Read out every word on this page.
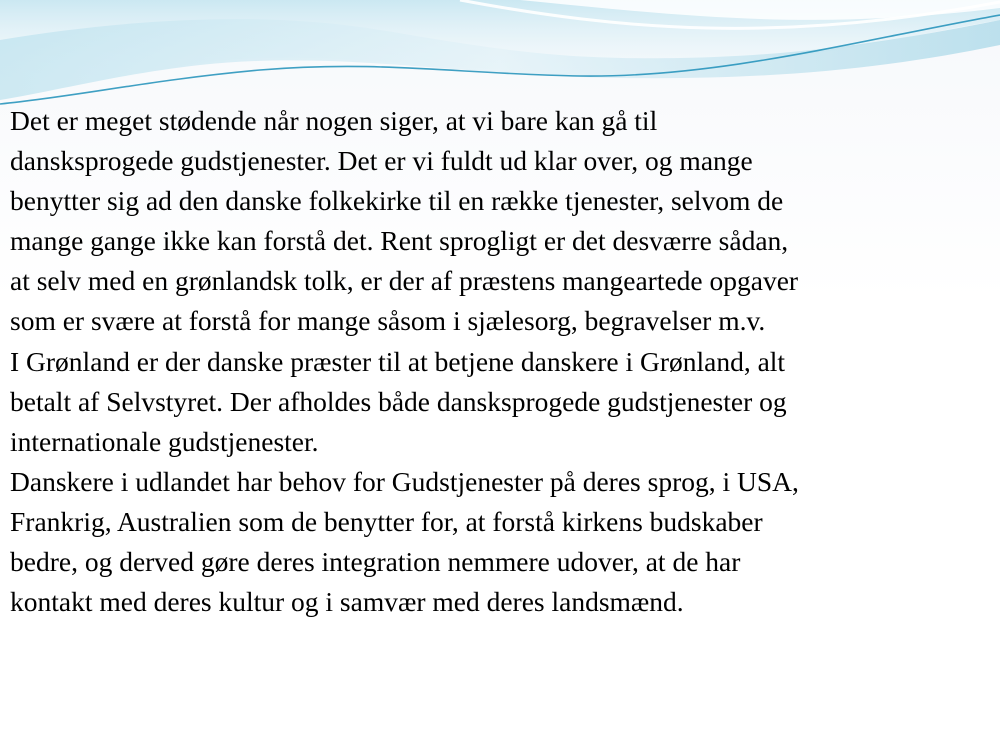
Det er meget stødende når nogen siger, at vi bare kan gå til
dansksprogede gudstjenester. Det er vi fuldt ud klar over, og mange
benytter sig ad den danske folkekirke til en række tjenester, selvom de
mange gange ikke kan forstå det. Rent sprogligt er det desværre sådan,
at selv med en grønlandsk tolk, er der af præstens mangeartede opgaver
som er svære at forstå for mange såsom i sjælesorg, begravelser m.v.

I Grønland er der danske præster til at betjene danskere i Grønland, alt
betalt af Selvstyret. Der afholdes både dansksprogede gudstjenester og
internationale gudstjenester.

Danskere i udlandet har behov for Gudstjenester på deres sprog, i USA,
Frankrig, Australien som de benytter for, at forstå kirkens budskaber
bedre, og derved gøre deres integration nemmere udover, at de har
kontakt med deres kultur og i samvær med deres landsmænd.
